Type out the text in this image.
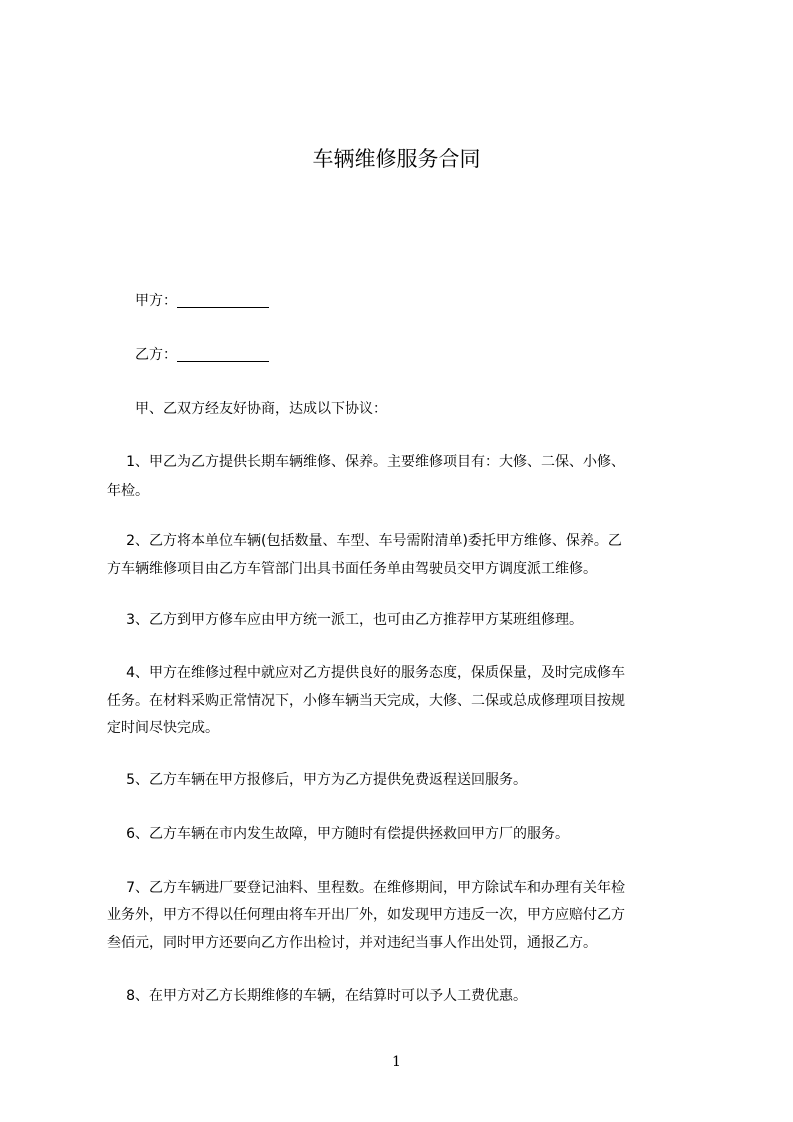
车辆维修服务合同
甲方：
乙方：
甲、乙双方经友好协商，达成以下协议：
1、甲乙为乙方提供长期车辆维修、保养。主要维修项目有：大修、二保、小修、
年检。
2、乙方将本单位车辆(包括数量、车型、车号需附清单)委托甲方维修、保养。乙
方车辆维修项目由乙方车管部门出具书面任务单由驾驶员交甲方调度派工维修。
3、乙方到甲方修车应由甲方统一派工，也可由乙方推荐甲方某班组修理。
4、甲方在维修过程中就应对乙方提供良好的服务态度，保质保量，及时完成修车
任务。在材料采购正常情况下，小修车辆当天完成，大修、二保或总成修理项目按规
定时间尽快完成。
5、乙方车辆在甲方报修后，甲方为乙方提供免费返程送回服务。
6、乙方车辆在市内发生故障，甲方随时有偿提供拯救回甲方厂的服务。
7、乙方车辆进厂要登记油料、里程数。在维修期间，甲方除试车和办理有关年检
业务外，甲方不得以任何理由将车开出厂外，如发现甲方违反一次，甲方应赔付乙方
叁佰元，同时甲方还要向乙方作出检讨，并对违纪当事人作出处罚，通报乙方。
8、在甲方对乙方长期维修的车辆，在结算时可以予人工费优惠。
1
